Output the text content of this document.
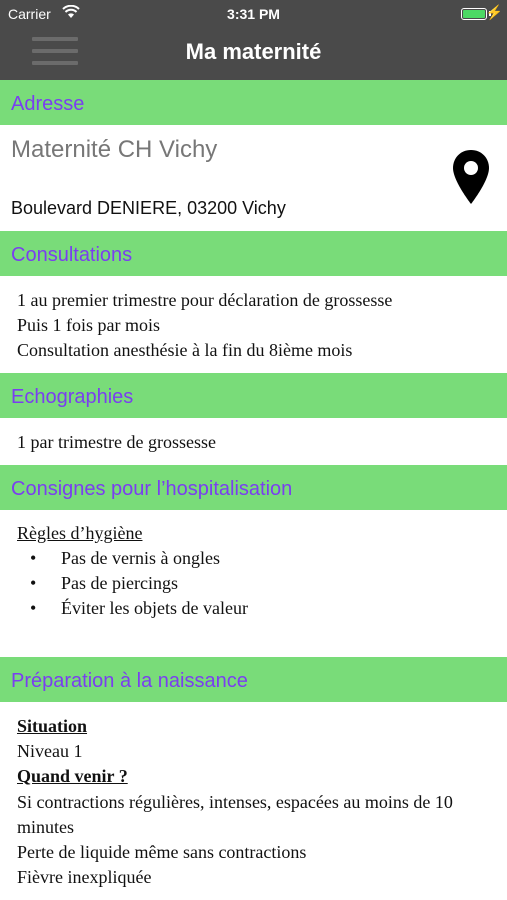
Carrier	3:31 PM	⚡
Ma maternité
Adresse
Maternité CH Vichy
Boulevard DENIERE, 03200 Vichy
Consultations
1 au premier trimestre pour déclaration de grossesse
Puis 1 fois par mois
Consultation anesthésie à la fin du 8ième mois
Echographies
1 par trimestre de grossesse
Consignes pour l’hospitalisation
Règles d’hygiène
• Pas de vernis à ongles
• Pas de piercings
• Éviter les objets de valeur
Préparation à la naissance
Situation
Niveau 1
Quand venir ?
Si contractions régulières, intenses, espacées au moins de 10
minutes
Perte de liquide même sans contractions
Fièvre inexpliquée
